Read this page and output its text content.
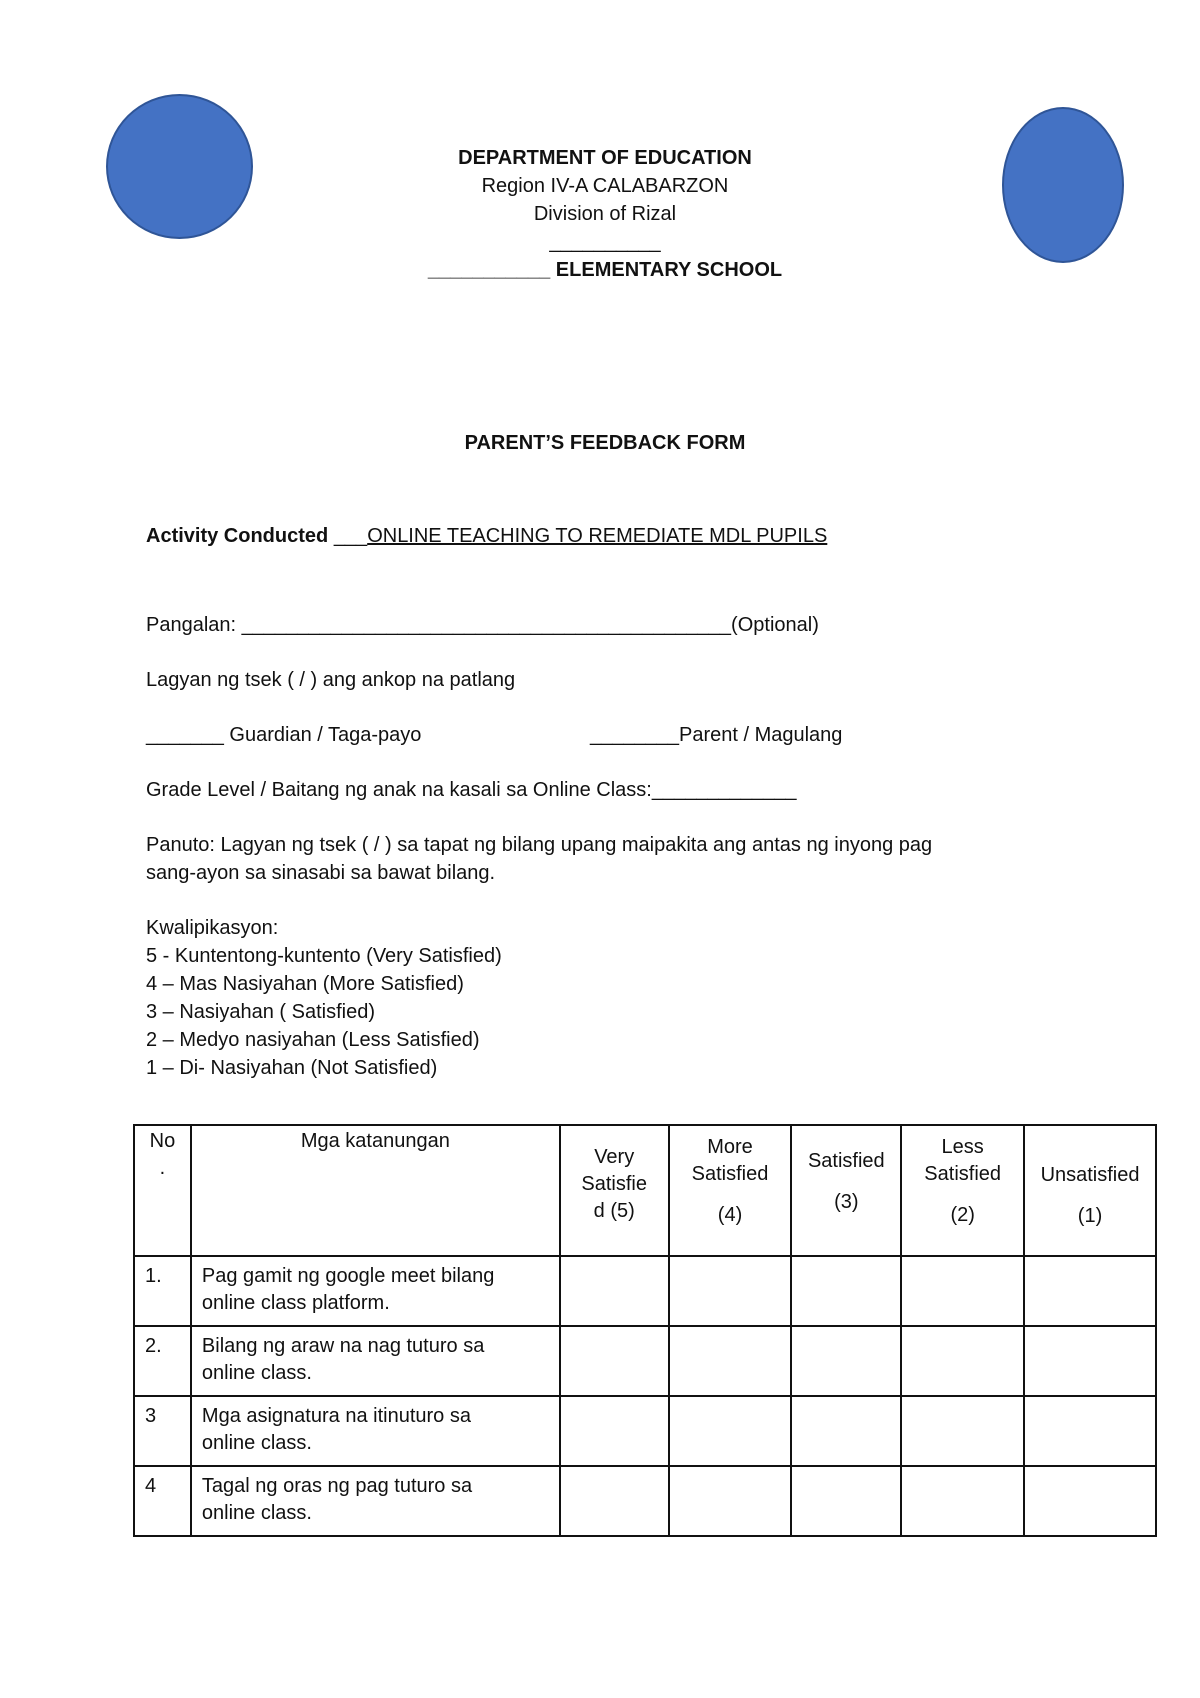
DEPARTMENT OF EDUCATION
Region IV-A CALABARZON
Division of Rizal
__________
___________ ELEMENTARY SCHOOL
PARENT’S FEEDBACK FORM
Activity Conducted ___ONLINE TEACHING TO REMEDIATE MDL PUPILS
Pangalan: ____________________________________________(Optional)
Lagyan ng tsek ( / ) ang ankop na patlang
_______ Guardian / Taga-payo	________Parent / Magulang
Grade Level / Baitang ng anak na kasali sa Online Class:_____________
Panuto: Lagyan ng tsek ( / ) sa tapat ng bilang upang maipakita ang antas ng inyong pag
sang-ayon sa sinasabi sa bawat bilang.
Kwalipikasyon:
5 - Kuntentong-kuntento (Very Satisfied)
4 – Mas Nasiyahan (More Satisfied)
3 – Nasiyahan ( Satisfied)
2 – Medyo nasiyahan (Less Satisfied)
1 – Di- Nasiyahan (Not Satisfied)
No
.	Mga katanungan	Very
Satisfie
d (5)	More
Satisfied
(4)	Satisfied
(3)	Less
Satisfied
(2)	Unsatisfied
(1)

1.	Pag gamit ng google meet bilang
online class platform.					

2.	Bilang ng araw na nag tuturo sa
online class.					

3	Mga asignatura na itinuturo sa
online class.					

4	Tagal ng oras ng pag tuturo sa
online class.					
